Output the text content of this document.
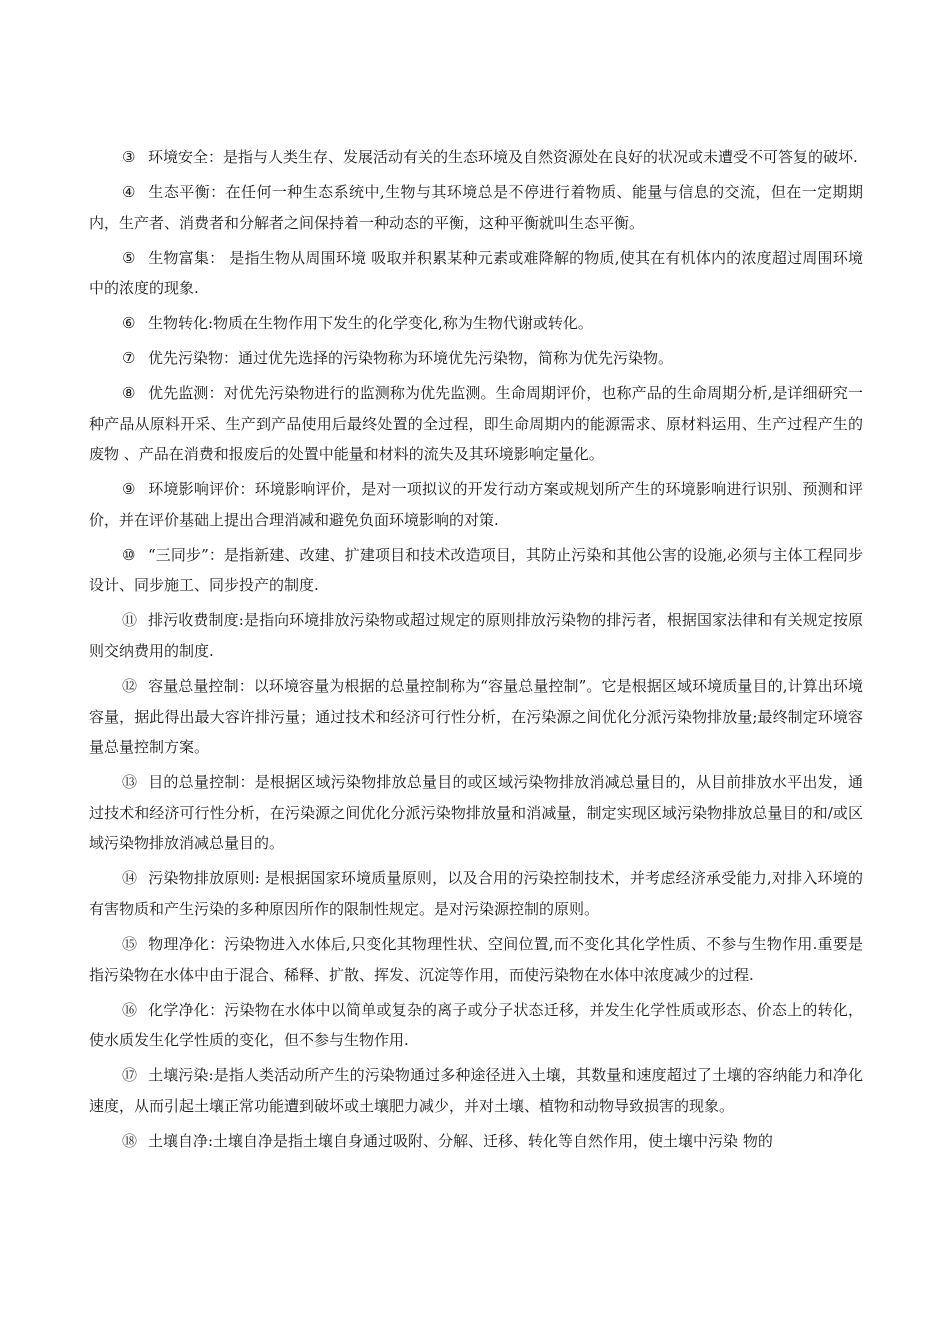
③ 环境安全：是指与人类生存、发展活动有关的生态环境及自然资源处在良好的状况或未遭受不可答复的破坏.

④ 生态平衡：在任何一种生态系统中,生物与其环境总是不停进行着物质、能量与信息的交流，但在一定期期内，生产者、消费者和分解者之间保持着一种动态的平衡，这种平衡就叫生态平衡。

⑤ 生物富集： 是指生物从周围环境 吸取并积累某种元素或难降解的物质,使其在有机体内的浓度超过周围环境中的浓度的现象.

⑥ 生物转化:物质在生物作用下发生的化学变化,称为生物代谢或转化。

⑦ 优先污染物：通过优先选择的污染物称为环境优先污染物，简称为优先污染物。

⑧ 优先监测：对优先污染物进行的监测称为优先监测。生命周期评价，也称产品的生命周期分析,是详细研究一种产品从原料开采、生产到产品使用后最终处置的全过程，即生命周期内的能源需求、原材料运用、生产过程产生的废物 、产品在消费和报废后的处置中能量和材料的流失及其环境影响定量化。

⑨ 环境影响评价：环境影响评价，是对一项拟议的开发行动方案或规划所产生的环境影响进行识别、预测和评价，并在评价基础上提出合理消减和避免负面环境影响的对策.

⑩ “三同步”：是指新建、改建、扩建项目和技术改造项目，其防止污染和其他公害的设施,必须与主体工程同步设计、同步施工、同步投产的制度.

⑪ 排污收费制度:是指向环境排放污染物或超过规定的原则排放污染物的排污者，根据国家法律和有关规定按原则交纳费用的制度.

⑫ 容量总量控制：以环境容量为根据的总量控制称为“容量总量控制”。它是根据区域环境质量目的,计算出环境容量，据此得出最大容许排污量；通过技术和经济可行性分析，在污染源之间优化分派污染物排放量;最终制定环境容量总量控制方案。

⑬ 目的总量控制：是根据区域污染物排放总量目的或区域污染物排放消减总量目的，从目前排放水平出发，通过技术和经济可行性分析，在污染源之间优化分派污染物排放量和消减量，制定实现区域污染物排放总量目的和/或区域污染物排放消减总量目的。

⑭ 污染物排放原则: 是根据国家环境质量原则，以及合用的污染控制技术，并考虑经济承受能力,对排入环境的有害物质和产生污染的多种原因所作的限制性规定。是对污染源控制的原则。

⑮ 物理净化：污染物进入水体后,只变化其物理性状、空间位置,而不变化其化学性质、不参与生物作用.重要是指污染物在水体中由于混合、稀释、扩散、挥发、沉淀等作用，而使污染物在水体中浓度减少的过程.

⑯ 化学净化：污染物在水体中以简单或复杂的离子或分子状态迁移，并发生化学性质或形态、价态上的转化，使水质发生化学性质的变化，但不参与生物作用.

⑰ 土壤污染:是指人类活动所产生的污染物通过多种途径进入土壤，其数量和速度超过了土壤的容纳能力和净化速度，从而引起土壤正常功能遭到破坏或土壤肥力减少，并对土壤、植物和动物导致损害的现象。

⑱ 土壤自净:土壤自净是指土壤自身通过吸附、分解、迁移、转化等自然作用，使土壤中污染 物的
